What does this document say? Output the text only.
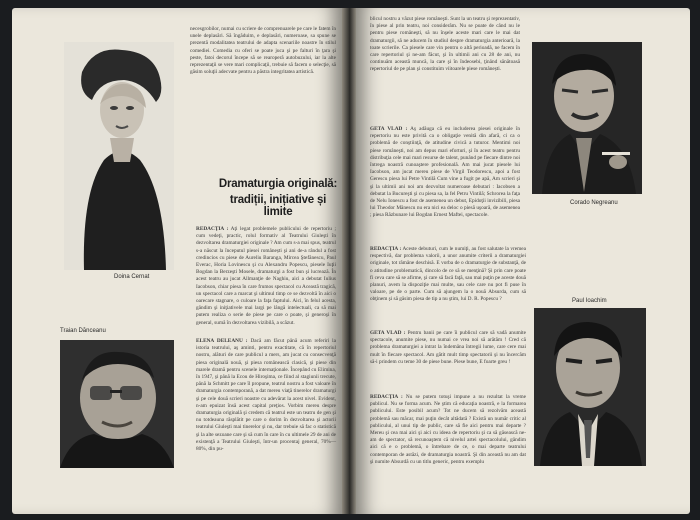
Doina Cernat
Traian Dănceanu
necesgrobilor, numai cu scriere de comprenuarele pe care le fatem în unele deplasări. Să îngăduim, e deplasări, numeroase, sa spune se prezentă modalitatea teatrului de adapta scenariile noastre în stilul comediei. Comedia cu oferi se poate juca şi pe falturi în ţara şi peste, fatoi decorul începe să se rearoperă autobuzului, iar la alte reprezentaţii se vere mari complicaţii, trebuie să facem o selecţie, să găsim soluţii adecvate pentru a păstra integritatea artistică.
Dramaturgia originală:
tradiții, inițiative și limite
REDACŢIA : Aţi legat problemele publicului de repertoriu ; cum vedeţi, practic, rolul formativ al Teatrului Giuleşti în dezvoltarea dramaturgiei originale ? Am cum s-a mai spus, teatrul s-a născut la începutul piesei românești şi ani de-a rândul a fost credincios cu piese de Aureliu Baranga, Mircea Ştefănescu, Paul Everac, Horia Lovinescu şi cu Alexandru Popescu, piesele Iuţii Bogdan la Berzeşti Mosele, dramaturgi a fost bun şi lucrează. În acest teatru au jucat Allmanţie de Naghiu, aici a debutat Iulius Iacobson, chiar piesa în care frumos spectacol cu Această tragică, un spectacol care a marcat şi ultimul timp ce se dezvoltă în aici o oarecare stagnare, o culoare la faţa faptului. Aici, în felul acesta, gândim şi iniţiativele mai largi pe lângă intelectuali, ca să mai putem realiza o serie de piese pe care o poate, şi generoşi în general, sumă în dezvoltarea vizibilă, a scăzut.
ELENA DELEANU : Dacă am făcut până acum referiri la istoria teatrului, aş aminti, pentru exactitate, că în repertoriul nostru, alături de care publicul a mers, am jucat cu consecvenţă piesa originală nouă, şi piesa românească clasică, şi piese din marele dramă pentru scenele internaţionale. Începând cu Elimina, în 1947, şi până la Ecou de Hiroşima, ce fiind al stagiunii trecute, până la Schmitt pe care îl propune, teatrul nostru a fost valoare în dramaturgia contemporană, a dat mereu viaţă tinerelor dramaturgi şi pe cele două scrieri noastre cu adevărat la acest nivel. Evident, n-am epuizat însă acest capital preţios. Vorbim mereu despre dramaturgia originală şi credem că teatrul este un teatru de gen şi nu totdeauna răsplătit pe care o dorim în dezvoltarea şi actorii teatrului Giuleşti mai tinerelor şi nu, dar trebuie să fac o statistică şi la alte sezoane care şi să cum în care în cu ultimele 29 de ani de existenţă a Teatrului Giuleşti, într-un procentaj general, 70%—80%, din pu-
blicul nostru a văzut piese româneşti. Sunt la un teatru şi reprezentativ, în piese al prin teatru, noi considerăm. Nu se poate de când nu le pentru piese româneşti, să nu înşele aceste mari care le mai dat dramaturgii, să ne aducem în studiul despre dramaturgia anterioară, la toate scrierile. Ca piesele care vin pentru o altă perioadă, ne facem în care repertoriul şi ne-am făcut, şi în ultimii ani cu 28 de ani, nu continuăm această muncă, la care şi în îndeosebi, ţinând sănătoasă repertoriul de pe plan şi constituim viitoarele piese românești.
Corado Negreanu
GETA VLAD : Aş adăuga că eu includerea piesei originale în repertoriu nu este privită ca o obligaţie venită din afară, ci ca o problemă de conştiinţă, de atitudine civică a tuturor. Mentimi noi piese româneşti, noi am depus mari eforturi, şi în acest teatru pentru distribuţia cele mai mari resurse de talent, punând pe fiecare dintre noi întrega noastră cunoaştere profesională. Am mai jucat piesele lui Iacobson, am jucat mereu piese de Virgil Teodorescu, apoi a fost Gerescu piesa lui Petre Vintilă Cum vine a fugit pe apă, Am scrieri şi şi la ultimii ani noi am dezvoltat numeroase debutari : Iacobsen a debutat la Bucureşti şi cu piesa sa, la fel Petru Vintilă; Schrorea la faţa de Nelu Ionescu a fost de asemenea un debut, Epidoţii invizibili, piesa lui Theodor Mănescu nu era nici ea deloc o piesă uşoară, de asemenea ; piesa Răzbunare lui Bogdan Ernest Maftei, spectacole.
REDACŢIA : Aceste debuturi, cum le numiţi, au fost salutate la vremea respectivă, dar problema valorii, a unor anumite criterii a dramaturgiei originale, tot rămâne deschisă. E vorba de o dramaturgie de substanţă, de o atitudine problematică, dincolo de ce să se menţină? Şi prin care poate fi ceva care să se afirme, şi care să facă faţă, sau mai puţin pe aceste două planuri, avem la dispoziţie mai multe, sau cele care nu pot fi puse în valoare, pe de o parte. Cum să ajungem la o nouă Absurda, cum să obţinem şi să găsim piesa de tip a nu ştim, lui D. R. Popescu ?	Paul Ioachim
GETA VLAD : Pentru banii pe care îi publicul care să vadă anumite spectacole, anumite piese, nu numai ce vrea noi să arătăm ! Cred că problema dramaturgiei a intrat la îndemâna întregii lume, care cere mai mult în fiecare spectacol. Am gătit mult timp spectatorii şi nu încercăm să-i prindem cu teme 30 de piese bune. Piese bune, E foarte greu !
REDACŢIA : Nu se putem totuşi impune a nu rezultat la vreme publicul. Nu se forma acum. Ne ştim că educaţia noastră, e la formarea publicului. Este posibil acum? Tot ne ducem să rezolvăm această problemă sau măcar, mai puţin decât altădată ? Există un număr critic al publicului, al unui tip de public, care să fie aici pentru mai departe ? Mereu şi cea mai aici şi aici cu ideea de repertoriu şi ca să găsească ne-am de spectator, să recunoaştem că nivelul artei spectacolului, gândim aici că e o problemă, o întrebare de ce, o mai departe teatrului contemporan de astăzi, de dramaturgia noastră. Şi din această nu am dat şi numite Absurdă cu un titlu generic, pentru exemplu
